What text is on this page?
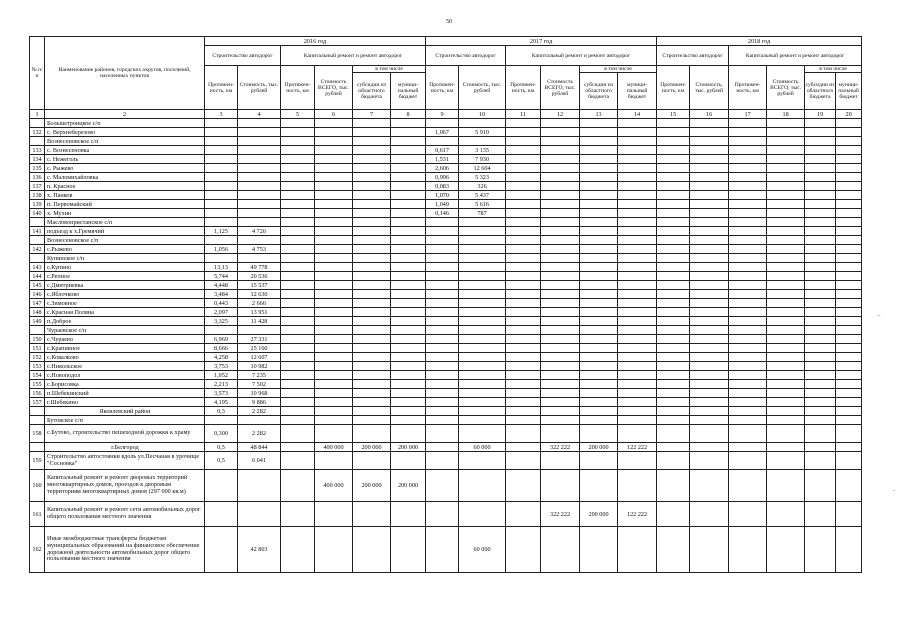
50
№ п/п	Наименование районов, городских округов, поселений, населенных пунктов	2016 год						2017 год						2018 год					
		Строительство автодорог		Капитальный ремонт и ремонт автодорог				Строительство автодорог		Капитальный ремонт и ремонт автодорог				Строительство автодорог		Капитальный ремонт и ремонт автодорог			
		Протяжен-ность, км	Стоимость, тыс. рублей	Протяжен-ность, км	Стоимость ВСЕГО, тыс. рублей	в том числе		Протяжен-ность, км	Стоимость, тыс. рублей	Протяжен-ность, км	Стоимость ВСЕГО, тыс. рублей	в том числе		Протяжен-ность, км	Стоимость, тыс. рублей	Протяжен-ность, км	Стоимость ВСЕГО, тыс. рублей	в том числе	
						субсидии из областного бюджета	муници-пальный бюджет					субсидии из областного бюджета	муници-пальный бюджет					субсидии из областного бюджета	муници-пальный бюджет
1	2	3	4	5	6	7	8	9	10	11	12	13	14	15	16	17	18	19	20
	Большетроицкое с/п																		
132	с. Верхнеберезово							1,067	5 910										
	Вознесеновское с/п																		
133	с. Вознесеновка							0,617	3 135										
134	с. Нежеголь							1,531	7 930										
135	с. Рыжево							2,606	12 604										
136	с. Маломихайловка							0,996	5 323										
137	п. Красное							0,083	326										
138	х. Панков							1,070	5 437										
139	п. Первомайский							1,049	5 616										
140	х. Мухин							0,146	787										
	Масловопристанское с/п																		
141	подъезд к х.Гремячий	1,125	4 726																
	Вознесеновское с/п																		
142	с.Рыжево	1,056	4 753																
	Купинское с/п																		
143	с.Купино	13,13	49 778																
144	с.Репное	5,744	20 536																
145	с.Дмитриевка	4,448	15 537																
146	с.Яблочково	3,484	12 630																
147	с.Зимовное	0,443	2 666																
148	с.Красная Поляна	2,097	13 951																
149	п.Доброе	3,325	11 428																
	Чураевское с/п																		
150	с.Чураево	6,969	27 331																
151	с.Крапивное	8,666	25 160																
152	с.Ковалково	4,258	12 607																
153	с.Никольское	3,753	10 982																
154	с.Новоподол	1,952	7 235																
155	с.Борисовка	2,213	7 502																
156	п.Шебекинский	3,573	10 968																
157	г.Шебекино	4,195	9 886																
	Яковлевский район	0,3	2 282																
	Бутовское с/п																		
158	с.Бутово, строительство пешеходной дорожки к храму	0,300	2 282																
	г.Белгород	0,5	48 844		400 000	200 000	200 000		60 000		322 222	200 000	122 222						
159	Строительство автостоянки вдоль ул.Песчаная в урочище "Сосновка"	0,5	6 041																
160	Капитальный ремонт и ремонт дворовых территорий многоквартирных домов, проездов к дворовым территориям многоквартирных домов (297 000 кв.м)				400 000	200 000	200 000												
161	Капитальный ремонт и ремонт сети автомобильных дорог общего пользования местного значения										322 222	200 000	122 222						
162	Иные межбюджетные трансферты бюджетам муниципальных образований на финансовое обеспечение дорожной деятельности автомобильных дорог общего пользования местного значения		42 803						60 000										
–
-
